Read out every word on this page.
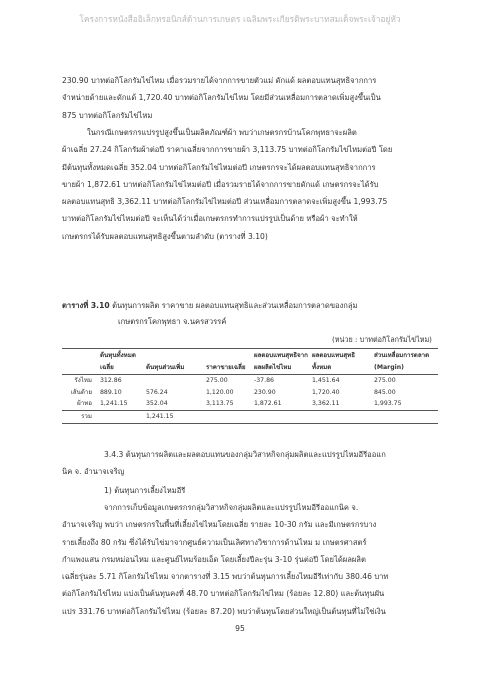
โครงการหนังสืออิเล็กทรอนิกส์ด้านการเกษตร เฉลิมพระเกียรติพระบาทสมเด็จพระเจ้าอยู่หัว
230.90 บาทต่อกิโลกรัมไข่ไหม เมื่อรวมรายได้จากการขายตัวแม่ ดักแด้ ผลตอบแทนสุทธิจากการ
จำหน่ายด้ายและดักแด้ 1,720.40 บาทต่อกิโลกรัมไข่ไหม โดยมีส่วนเหลื่อมการตลาดเพิ่มสูงขึ้นเป็น
875 บาทต่อกิโลกรัมไข่ไหม
ในกรณีเกษตรกรแปรรูปสูงขึ้นเป็นผลิตภัณฑ์ผ้า พบว่าเกษตรกรบ้านโคกพุทธาจะผลิต
ผ้าเฉลี่ย 27.24 กิโลกรัมผ้าต่อปี ราคาเฉลี่ยจากการขายผ้า 3,113.75 บาทต่อกิโลกรัมไข่ไหมต่อปี โดย
มีต้นทุนทั้งหมดเฉลี่ย 352.04 บาทต่อกิโลกรัมไข่ไหมต่อปี เกษตรกรจะได้ผลตอบแทนสุทธิจากการ
ขายผ้า 1,872.61 บาทต่อกิโลกรัมไข่ไหมต่อปี เมื่อรวมรายได้จากการขายดักแด้ เกษตรกรจะได้รับ
ผลตอบแทนสุทธิ 3,362.11 บาทต่อกิโลกรัมไข่ไหมต่อปี ส่วนเหลื่อมการตลาดจะเพิ่มสูงขึ้น 1,993.75
บาทต่อกิโลกรัมไข่ไหมต่อปี จะเห็นได้ว่าเมื่อเกษตรกรทำการแปรรูปเป็นด้าย หรือผ้า จะทำให้
เกษตรกรได้รับผลตอบแทนสุทธิสูงขึ้นตามลำดับ (ตารางที่ 3.10)
ตารางที่ 3.10 ต้นทุนการผลิต ราคาขาย ผลตอบแทนสุทธิและส่วนเหลื่อมการตลาดของกลุ่ม
เกษตรกรโคกพุทธา จ.นครสวรรค์
(หน่วย : บาทต่อกิโลกรัมไข่ไหม)
	ต้นทุนทั้งหมดเฉลี่ย	ต้นทุนส่วนเพิ่ม	ราคาขายเฉลี่ย	ผลตอบแทนสุทธิจากผลผลิตไข่ไหม	ผลตอบแทนสุทธิทั้งหมด	ส่วนเหลื่อมการตลาด (Margin)
รังไหม	312.86		275.00	-37.86	1,451.64	275.00
เส้นด้าย	889.10	576.24	1,120.00	230.90	1,720.40	845.00
ผ้าทอ	1,241.15	352.04	3,113.75	1,872.61	3,362.11	1,993.75
รวม		1,241.15				
3.4.3 ต้นทุนการผลิตและผลตอบแทนของกลุ่มวิสาหกิจกลุ่มผลิตและแปรรูปไหมอีรีออแก
นิค จ. อำนาจเจริญ
1) ต้นทุนการเลี้ยงไหมอีรี
จากการเก็บข้อมูลเกษตรกรกลุ่มวิสาหกิจกลุ่มผลิตและแปรรูปไหมอีรีออแกนิค จ.
อำนาจเจริญ พบว่า เกษตรกรในพื้นที่เลี้ยงไข่ไหมโดยเฉลี่ย รายละ 10-30 กรัม และมีเกษตรกรบาง
รายเลี้ยงถึง 80 กรัม ซึ่งได้รับไข่มาจากศูนย์ความเป็นเลิศทางวิชาการด้านไหม ม เกษตรศาสตร์
กำแพงแสน กรมหม่อนไหม และศูนย์ไหมร้อยเอ็ด โดยเลี้ยงปีละรุ่น 3-10 รุ่นต่อปี โดยได้ผลผลิต
เฉลี่ยรุ่นละ 5.71 กิโลกรัมไข่ไหม จากตารางที่ 3.15 พบว่าต้นทุนการเลี้ยงไหมอีรีเท่ากับ 380.46 บาท
ต่อกิโลกรัมไข่ไหม แบ่งเป็นต้นทุนคงที่ 48.70 บาทต่อกิโลกรัมไข่ไหม (ร้อยละ 12.80) และต้นทุนผัน
แปร 331.76 บาทต่อกิโลกรัมไข่ไหม (ร้อยละ 87.20) พบว่าต้นทุนโดยส่วนใหญ่เป็นต้นทุนที่ไม่ใช่เงิน
95
